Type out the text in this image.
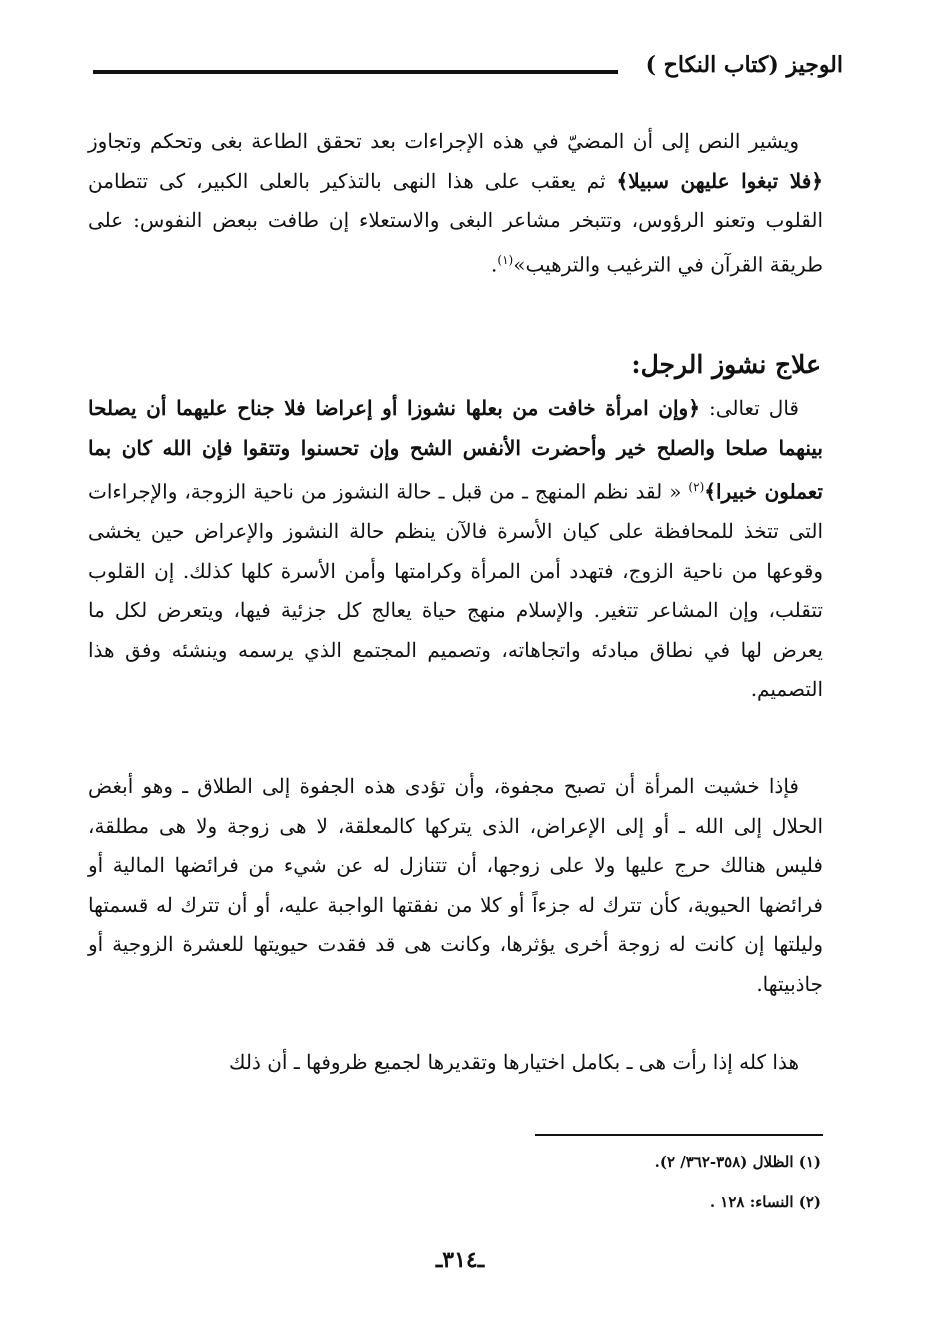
الوجيز (كتاب النكاح )

ويشير النص إلى أن المضيّ في هذه الإجراءات بعد تحقق الطاعة بغى وتحكم وتجاوز ﴿فلا تبغوا عليهن سبيلا﴾ ثم يعقب على هذا النهى بالتذكير بالعلى الكبير، كى تتطامن القلوب وتعنو الرؤوس، وتتبخر مشاعر البغى والاستعلاء إن طافت ببعض النفوس: على طريقة القرآن في الترغيب والترهيب»$^{(١)}$.

علاج نشوز الرجل:

قال تعالى: ﴿وإن امرأة خافت من بعلها نشوزا أو إعراضا فلا جناح عليهما أن يصلحا بينهما صلحا والصلح خير وأحضرت الأنفس الشح وإن تحسنوا وتتقوا فإن الله كان بما تعملون خبيرا﴾$^{(٢)}$ « لقد نظم المنهج ـ من قبل ـ حالة النشوز من ناحية الزوجة، والإجراءات التى تتخذ للمحافظة على كيان الأسرة فالآن ينظم حالة النشوز والإعراض حين يخشى وقوعها من ناحية الزوج، فتهدد أمن المرأة وكرامتها وأمن الأسرة كلها كذلك. إن القلوب تتقلب، وإن المشاعر تتغير. والإسلام منهج حياة يعالج كل جزئية فيها، ويتعرض لكل ما يعرض لها في نطاق مبادئه واتجاهاته، وتصميم المجتمع الذي يرسمه وينشئه وفق هذا التصميم.

فإذا خشيت المرأة أن تصبح مجفوة، وأن تؤدى هذه الجفوة إلى الطلاق ـ وهو أبغض الحلال إلى الله ـ أو إلى الإعراض، الذى يتركها كالمعلقة، لا هى زوجة ولا هى مطلقة، فليس هنالك حرج عليها ولا على زوجها، أن تتنازل له عن شيء من فرائضها المالية أو فرائضها الحيوية، كأن تترك له جزءاً أو كلا من نفقتها الواجبة عليه، أو أن تترك له قسمتها وليلتها إن كانت له زوجة أخرى يؤثرها، وكانت هى قد فقدت حيويتها للعشرة الزوجية أو جاذبيتها.

هذا كله إذا رأت هى ـ بكامل اختيارها وتقديرها لجميع ظروفها ـ أن ذلك

(١) الظلال (٣٥٨-٣٦٢/ ٢).
(٢) النساء: ١٢٨ .
ـ٣١٤ـ
